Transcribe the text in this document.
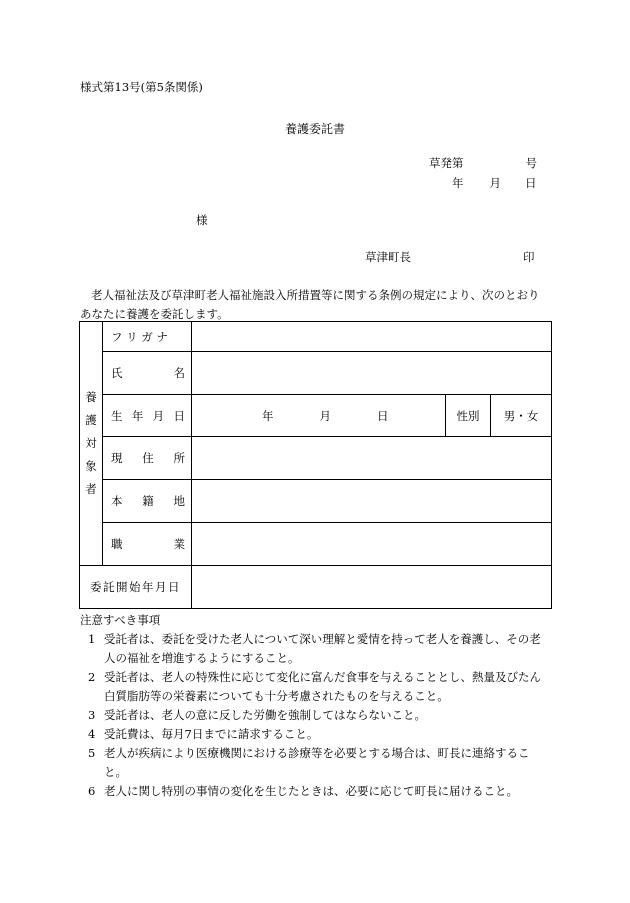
様式第13号(第5条関係)
養護委託書
草発第	号
年 月 日
様
草津町長	印
老人福祉法及び草津町老人福祉施設入所措置等に関する条例の規定により、次のとおりあなたに養護を委託します。
養
護
対
象
者	フ リ ガ ナ			

	氏 名			

	生 年 月 日	年 月 日	性別	男・女

	現 住 所			

	本 籍 地			

	職 業			

委託開始年月日				
注意すべき事項
1 受託者は、委託を受けた老人について深い理解と愛情を持って老人を養護し、その老人の福祉を増進するようにすること。
2 受託者は、老人の特殊性に応じて変化に富んだ食事を与えることとし、熱量及びたん白質脂肪等の栄養素についても十分考慮されたものを与えること。
3 受託者は、老人の意に反した労働を強制してはならないこと。
4 受託費は、毎月7日までに請求すること。
5 老人が疾病により医療機関における診療等を必要とする場合は、町長に連絡すること。
6 老人に関し特別の事情の変化を生じたときは、必要に応じて町長に届けること。
